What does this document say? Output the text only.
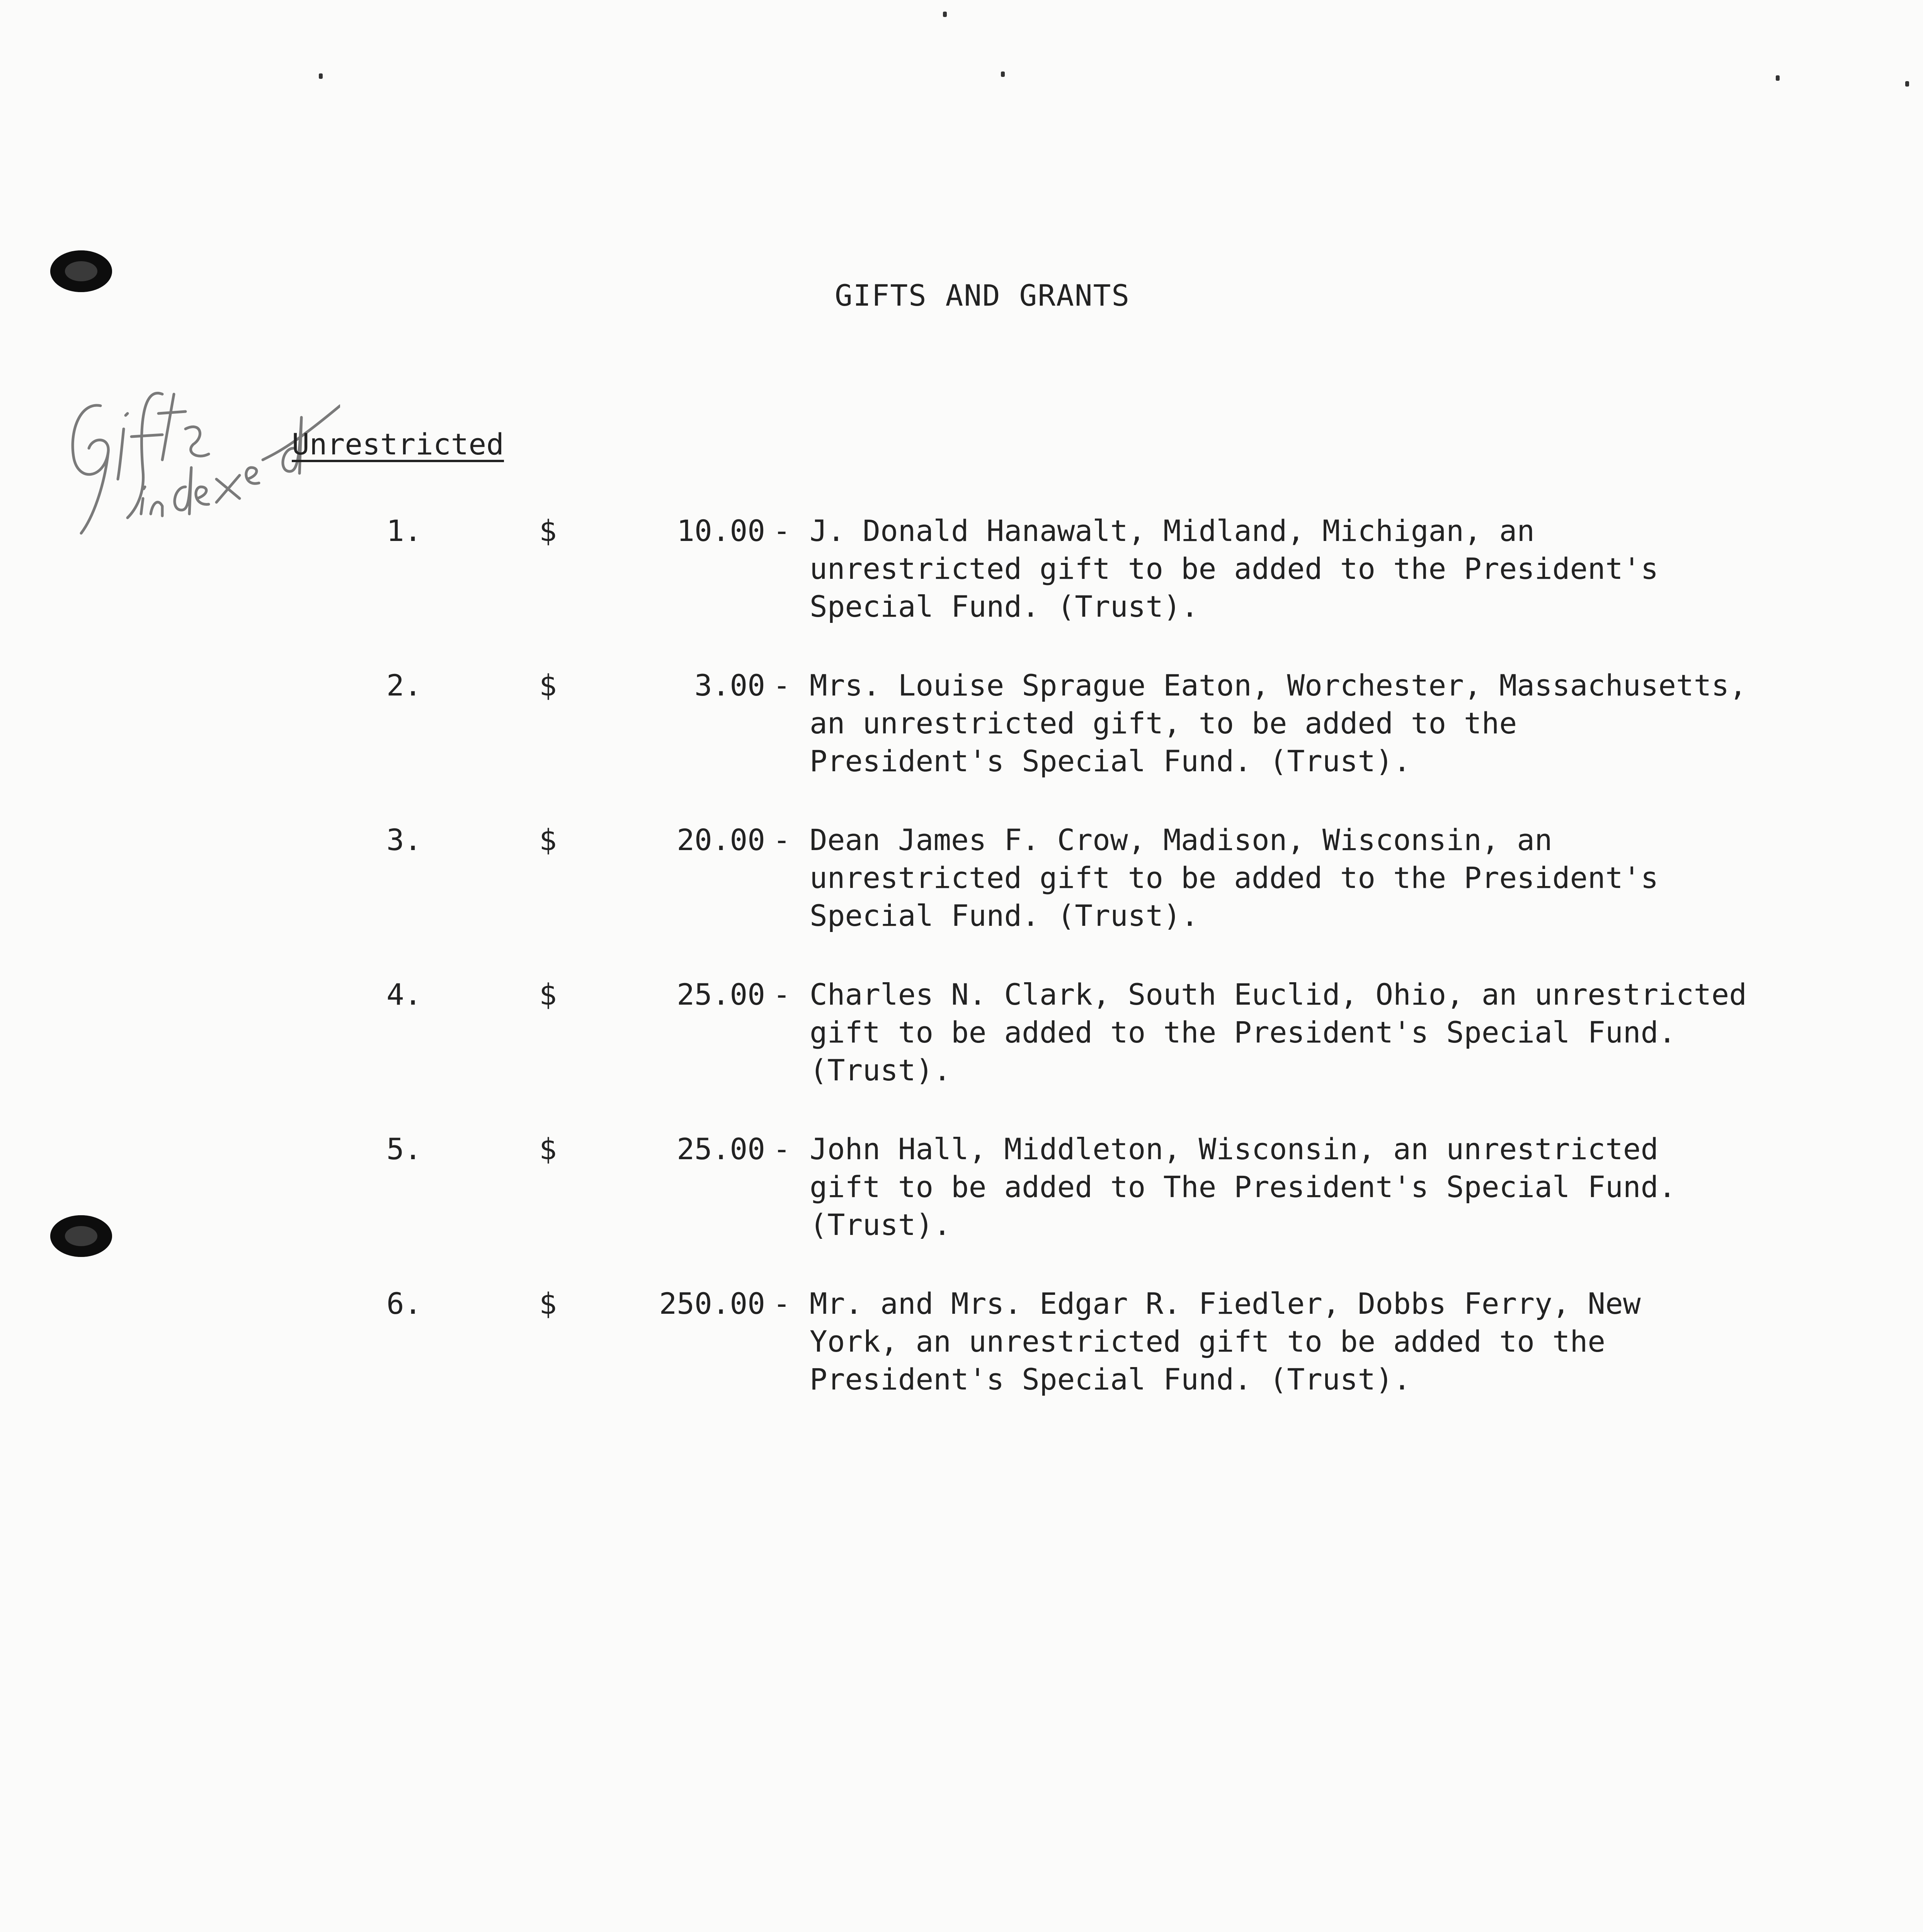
GIFTS AND GRANTS
Unrestricted
1.	$	10.00 - J. Donald Hanawalt, Midland, Michigan, an
unrestricted gift to be added to the President's
Special Fund. (Trust).
2.	$	3.00 - Mrs. Louise Sprague Eaton, Worchester, Massachusetts,
an unrestricted gift, to be added to the
President's Special Fund. (Trust).
3.	$	20.00 - Dean James F. Crow, Madison, Wisconsin, an
unrestricted gift to be added to the President's
Special Fund. (Trust).
4.	$	25.00 - Charles N. Clark, South Euclid, Ohio, an unrestricted
gift to be added to the President's Special Fund.
(Trust).
5.	$	25.00 - John Hall, Middleton, Wisconsin, an unrestricted
gift to be added to The President's Special Fund.
(Trust).
6.	$	250.00 - Mr. and Mrs. Edgar R. Fiedler, Dobbs Ferry, New
York, an unrestricted gift to be added to the
President's Special Fund. (Trust).
